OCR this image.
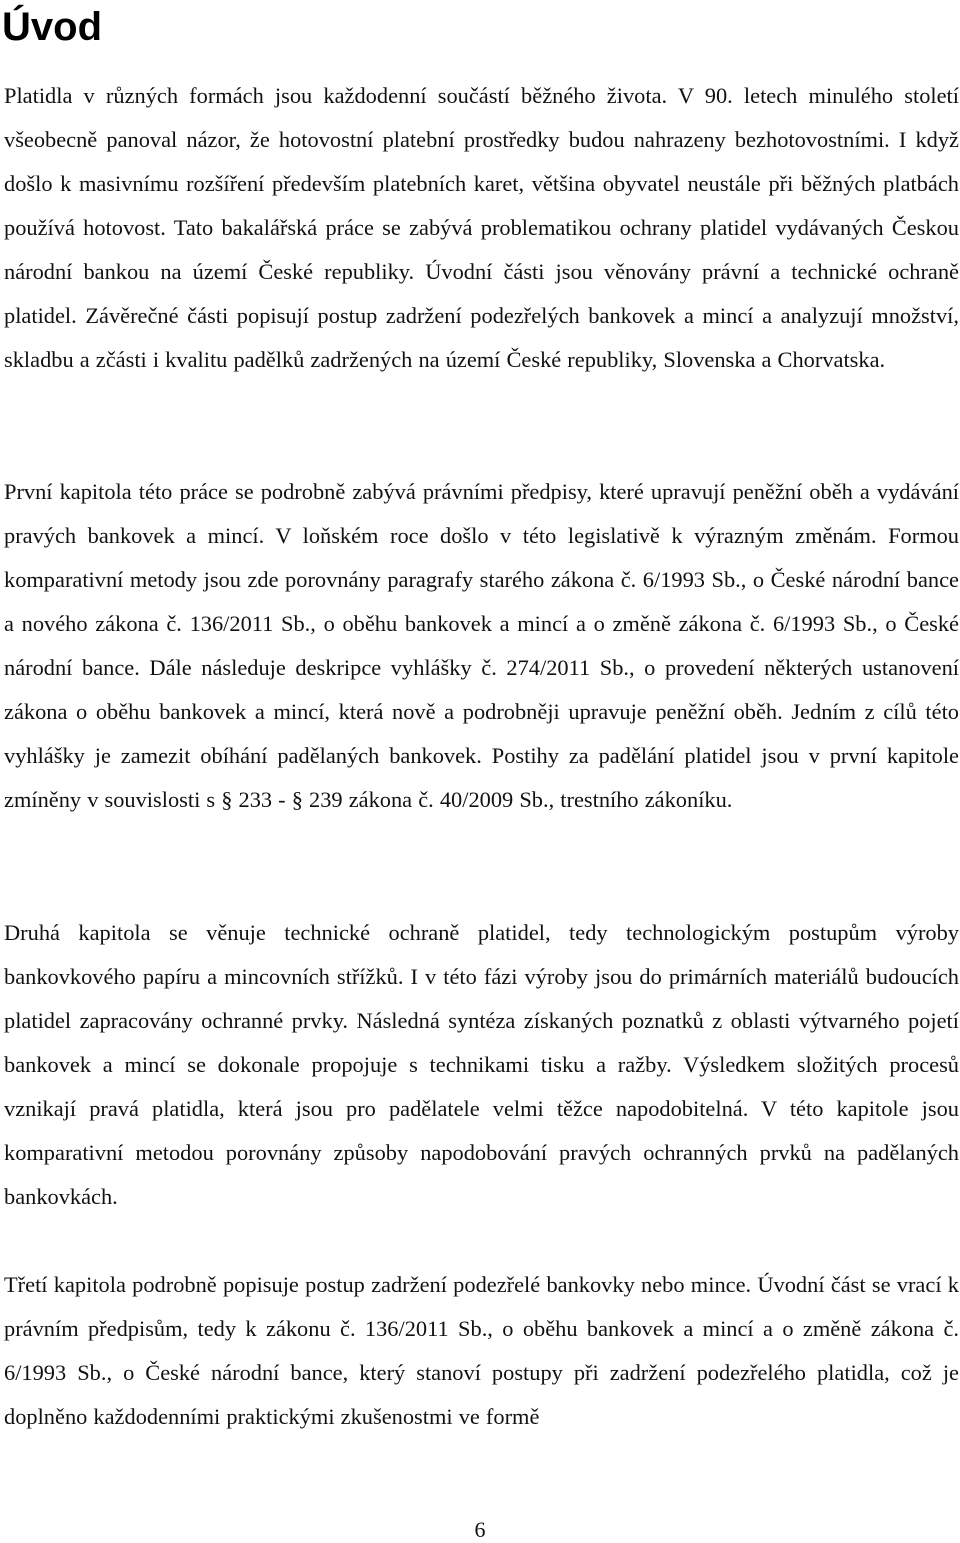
Úvod

Platidla v různých formách jsou každodenní součástí běžného života. V 90. letech minulého století všeobecně panoval názor, že hotovostní platební prostředky budou nahrazeny bezhotovostními. I když došlo k masivnímu rozšíření především platebních karet, většina obyvatel neustále při běžných platbách používá hotovost. Tato bakalářská práce se zabývá problematikou ochrany platidel vydávaných Českou národní bankou na území České republiky. Úvodní části jsou věnovány právní a technické ochraně platidel. Závěrečné části popisují postup zadržení podezřelých bankovek a mincí a analyzují množství, skladbu a zčásti i kvalitu padělků zadržených na území České republiky, Slovenska a Chorvatska.

První kapitola této práce se podrobně zabývá právními předpisy, které upravují peněžní oběh a vydávání pravých bankovek a mincí. V loňském roce došlo v této legislativě k výrazným změnám. Formou komparativní metody jsou zde porovnány paragrafy starého zákona č. 6/1993 Sb., o České národní bance a nového zákona č. 136/2011 Sb., o oběhu bankovek a mincí a o změně zákona č. 6/1993 Sb., o České národní bance. Dále následuje deskripce vyhlášky č. 274/2011 Sb., o provedení některých ustanovení zákona o oběhu bankovek a mincí, která nově a podrobněji upravuje peněžní oběh. Jedním z cílů této vyhlášky je zamezit obíhání padělaných bankovek. Postihy za padělání platidel jsou v první kapitole zmíněny v souvislosti s § 233 - § 239 zákona č. 40/2009 Sb., trestního zákoníku.

Druhá kapitola se věnuje technické ochraně platidel, tedy technologickým postupům výroby bankovkového papíru a mincovních střížků. I v této fázi výroby jsou do primárních materiálů budoucích platidel zapracovány ochranné prvky. Následná syntéza získaných poznatků z oblasti výtvarného pojetí bankovek a mincí se dokonale propojuje s technikami tisku a ražby. Výsledkem složitých procesů vznikají pravá platidla, která jsou pro padělatele velmi těžce napodobitelná. V této kapitole jsou komparativní metodou porovnány způsoby napodobování pravých ochranných prvků na padělaných bankovkách.

Třetí kapitola podrobně popisuje postup zadržení podezřelé bankovky nebo mince. Úvodní část se vrací k právním předpisům, tedy k zákonu č. 136/2011 Sb., o oběhu bankovek a mincí a o změně zákona č. 6/1993 Sb., o České národní bance, který stanoví postupy při zadržení podezřelého platidla, což je doplněno každodenními praktickými zkušenostmi ve formě

6
